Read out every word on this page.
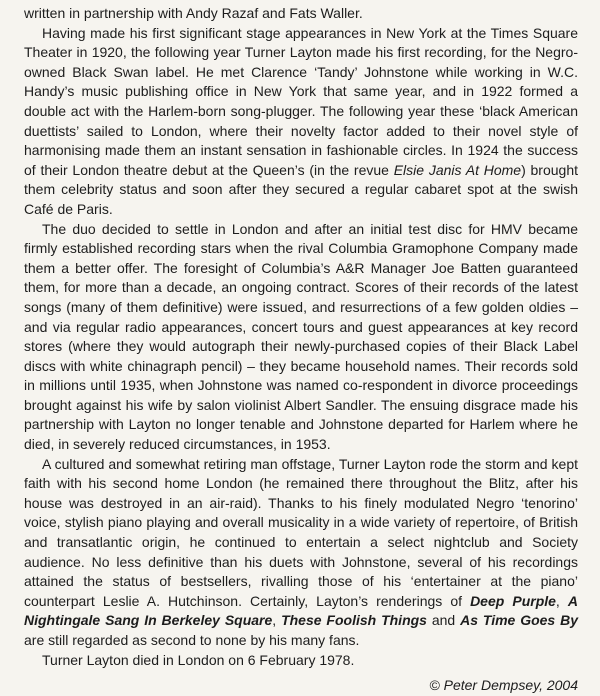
written in partnership with Andy Razaf and Fats Waller.

Having made his first significant stage appearances in New York at the Times Square Theater in 1920, the following year Turner Layton made his first recording, for the Negro-owned Black Swan label. He met Clarence ‘Tandy’ Johnstone while working in W.C. Handy’s music publishing office in New York that same year, and in 1922 formed a double act with the Harlem-born song-plugger. The following year these ‘black American duettists’ sailed to London, where their novelty factor added to their novel style of harmonising made them an instant sensation in fashionable circles. In 1924 the success of their London theatre debut at the Queen’s (in the revue Elsie Janis At Home) brought them celebrity status and soon after they secured a regular cabaret spot at the swish Café de Paris.

The duo decided to settle in London and after an initial test disc for HMV became firmly established recording stars when the rival Columbia Gramophone Company made them a better offer. The foresight of Columbia’s A&R Manager Joe Batten guaranteed them, for more than a decade, an ongoing contract. Scores of their records of the latest songs (many of them definitive) were issued, and resurrections of a few golden oldies – and via regular radio appearances, concert tours and guest appearances at key record stores (where they would autograph their newly-purchased copies of their Black Label discs with white chinagraph pencil) – they became household names. Their records sold in millions until 1935, when Johnstone was named co-respondent in divorce proceedings brought against his wife by salon violinist Albert Sandler. The ensuing disgrace made his partnership with Layton no longer tenable and Johnstone departed for Harlem where he died, in severely reduced circumstances, in 1953.

A cultured and somewhat retiring man offstage, Turner Layton rode the storm and kept faith with his second home London (he remained there throughout the Blitz, after his house was destroyed in an air-raid). Thanks to his finely modulated Negro ‘tenorino’ voice, stylish piano playing and overall musicality in a wide variety of repertoire, of British and transatlantic origin, he continued to entertain a select nightclub and Society audience. No less definitive than his duets with Johnstone, several of his recordings attained the status of bestsellers, rivalling those of his ‘entertainer at the piano’ counterpart Leslie A. Hutchinson. Certainly, Layton’s renderings of Deep Purple, A Nightingale Sang In Berkeley Square, These Foolish Things and As Time Goes By are still regarded as second to none by his many fans.

Turner Layton died in London on 6 February 1978.

© Peter Dempsey, 2004
